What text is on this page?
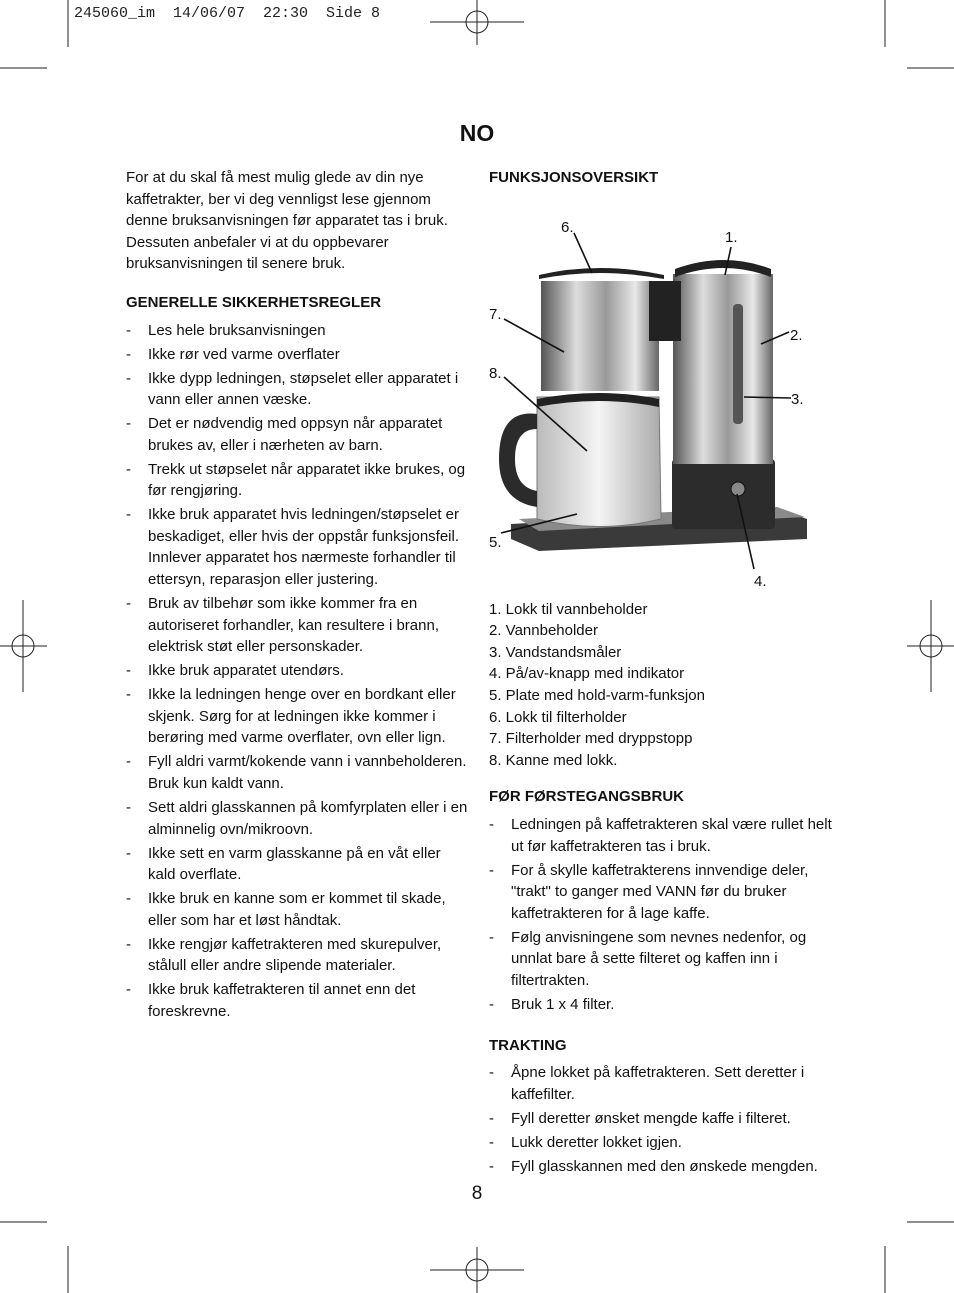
245060_im  14/06/07  22:30  Side 8
NO

For at du skal få mest mulig glede av din nye kaffetrakter, ber vi deg vennligst lese gjennom denne bruksanvisningen før apparatet tas i bruk. Dessuten anbefaler vi at du oppbevarer bruksanvisningen til senere bruk.

GENERELLE SIKKERHETSREGLER

- Les hele bruksanvisningen
- Ikke rør ved varme overflater
- Ikke dypp ledningen, støpselet eller apparatet i vann eller annen væske.
- Det er nødvendig med oppsyn når apparatet brukes av, eller i nærheten av barn.
- Trekk ut støpselet når apparatet ikke brukes, og før rengjøring.
- Ikke bruk apparatet hvis ledningen/støpselet er beskadiget, eller hvis der oppstår funksjonsfeil. Innlever apparatet hos nærmeste forhandler til ettersyn, reparasjon eller justering.
- Bruk av tilbehør som ikke kommer fra en autoriseret forhandler, kan resultere i brann, elektrisk støt eller personskader.
- Ikke bruk apparatet utendørs.
- Ikke la ledningen henge over en bordkant eller skjenk. Sørg for at ledningen ikke kommer i berøring med varme overflater, ovn eller lign.
- Fyll aldri varmt/kokende vann i vannbeholderen. Bruk kun kaldt vann.
- Sett aldri glasskannen på komfyrplaten eller i en alminnelig ovn/mikroovn.
- Ikke sett en varm glasskanne på en våt eller kald overflate.
- Ikke bruk en kanne som er kommet til skade, eller som har et løst håndtak.
- Ikke rengjør kaffetrakteren med skurepulver, stålull eller andre slipende materialer.
- Ikke bruk kaffetrakteren til annet enn det foreskrevne.

FUNKSJONSOVERSIKT

1.
2.
3.
4.
5.
6.
7.
8.
1. Lokk til vannbeholder
2. Vannbeholder
3. Vandstandsmåler
4. På/av-knapp med indikator
5. Plate med hold-varm-funksjon
6. Lokk til filterholder
7. Filterholder med dryppstopp
8. Kanne med lokk.

FØR FØRSTEGANGSBRUK

- Ledningen på kaffetrakteren skal være rullet helt ut før kaffetrakteren tas i bruk.
- For å skylle kaffetrakterens innvendige deler, "trakt" to ganger med VANN før du bruker kaffetrakteren for å lage kaffe.
- Følg anvisningene som nevnes nedenfor, og unnlat bare å sette filteret og kaffen inn i filtertrakten.
- Bruk 1 x 4 filter.

TRAKTING

- Åpne lokket på kaffetrakteren. Sett deretter i kaffefilter.
- Fyll deretter ønsket mengde kaffe i filteret.
- Lukk deretter lokket igjen.
- Fyll glasskannen med den ønskede mengden.
8
